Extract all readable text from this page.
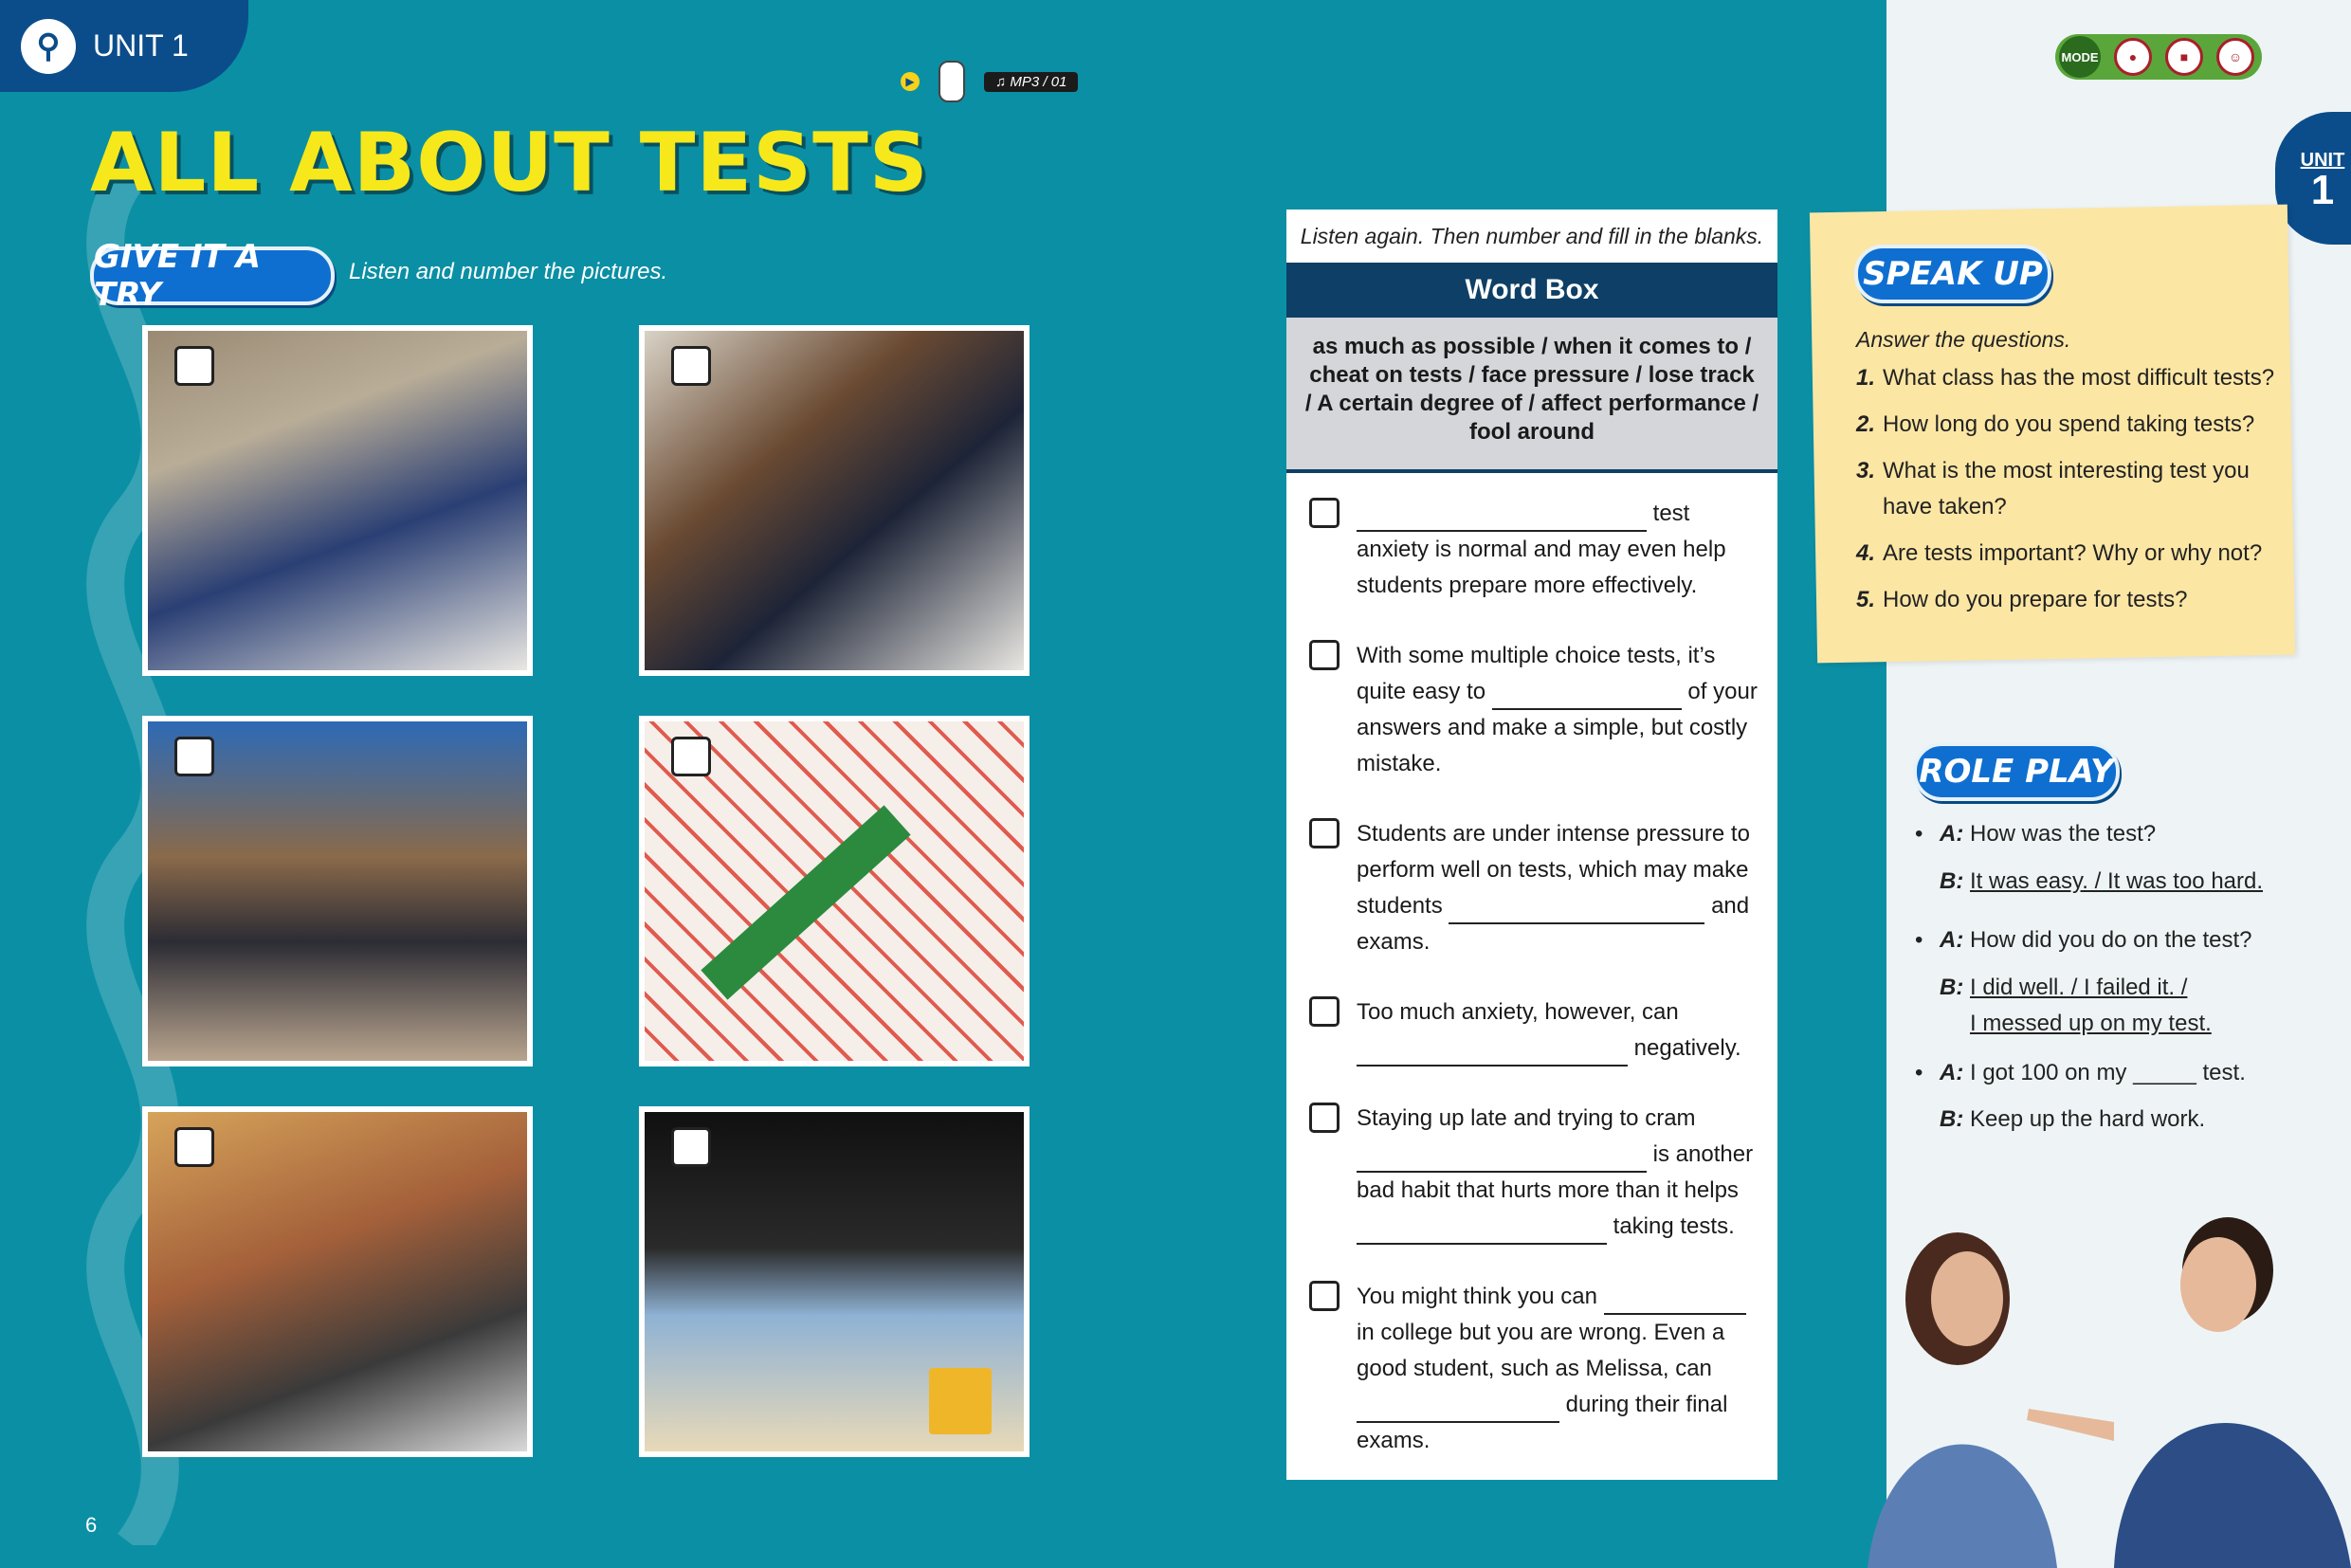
⚲	UNIT 1
▶	♫ MP3 / 01
ALL ABOUT TESTS
GIVE IT A TRY
Listen and number the pictures.
6
Listen again. Then number and fill in the blanks.
Word Box
as much as possible / when it comes to / cheat on tests / face pressure / lose track / A certain degree of / affect performance / fool around
test anxiety is normal and may even help students prepare more effectively.
With some multiple choice tests, it’s quite easy to	of your answers and make a simple, but costly mistake.
Students are under intense pressure to perform well on tests, which may make students	and exams.
Too much anxiety, however, can  negatively.
Staying up late and trying to cram  is another bad habit that hurts more than it helps  taking tests.
You might think you can  in college but you are wrong. Even a good student, such as Melissa, can  during their final exams.
MODE	●	■	☺
UNIT
1
SPEAK UP
Answer the questions.
1. What class has the most difficult tests?
2. How long do you spend taking tests?
3. What is the most interesting test you
have taken?
4. Are tests important? Why or why not?
5. How do you prepare for tests?
ROLE PLAY
• A: How was the test?
B: It was easy. / It was too hard.
• A: How did you do on the test?
B: I did well. / I failed it. /
I messed up on my test.
• A: I got 100 on my _____ test.
B: Keep up the hard work.
